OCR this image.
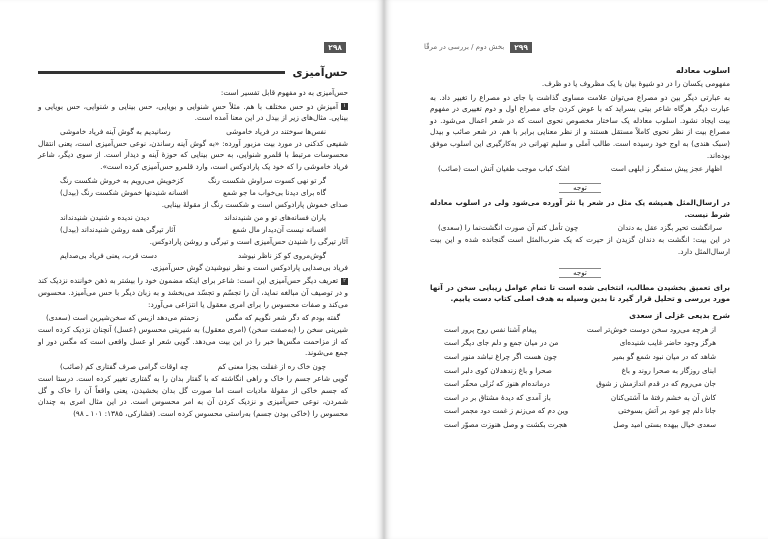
۲۹۸
حس‌آمیزی

حس‌آمیزی به دو مفهوم قابل تفسیر است:

۱آمیزش دو حس مختلف با هم. مثلاً حسِ شنوایی و بویایی، حس بینایی و شنوایی، حس بویایی و بینایی. مثال‌های زیر از بیدل در این معنا آمده است.

نفس‌ها سوختند در فریاد خاموشی
رسانیدیم به گوش آینه فریاد خاموشی

شفیعی کدکنی در مورد بیت مزبور آورده: «به گوش آینه رساندن، نوعی حس‌آمیزی است، یعنی انتقال محسوسات مرتبط با قلمرو شنوایی، به حس بینایی که حوزهٔ آینه و دیدار است. از سوی دیگر، شاعر فریاد خاموشی را که خود یک پارادوکس است، وارد قلمرو حس‌آمیزی کرده است».

گر تو نهی کسوت سراوش شکست رنگ
کزخویش می‌رویم به خروش شکست رنگ
گاه برای دیدنا بی‌خواب ما جو شمع
افسانه شنیدنها خموش شکست رنگ (بیدل)

صدای خموش پارادوکس است و شکست رنگ از مقولهٔ بینایی.

یاران فسانه‌های تو و من شنیدنداند
دیدن ندیده و شنیدن شنیدنداند
افسانه نیست آن‌دیدار مال شمع
آثار تیرگی همه روشن شنیدنداند (بیدل)

آثار تیرگی را شنیدن حس‌آمیزی است و تیرگی و روشن پارادوکس.

گوش‌مروی کو کز ناظر نیوشد
دست قرب، یعنی فریاد بی‌صدایم

فریاد بی‌صدایی پارادوکس است و نظر نیوشیدن گوش حس‌آمیزی.

۲تعریف دیگر حس‌آمیزی این است: شاعر برای اینکه مضمون خود را بیشتر به ذهن خواننده نزدیک کند و در توصیف آن مبالغه نماید، آن را تجسّم و تجسّد می‌بخشد و به زبان دیگر با حس می‌آمیزد. محسوس می‌کند و صفات محسوس را برای امری معقول یا انتزاعی می‌آورد:

گفته بودم که دگر شعر نگویم که مگس
زحمتم می‌دهد ازبس که سخن‌شیرین است (سعدی)

شیرینی سخن را (به‌صفت سخن) (امری معقول) به شیرینی محسوس (عسل) آنچنان نزدیک کرده است که از مزاحمت مگس‌ها خبر را در این بیت می‌دهد. گویی شعر او عسل واقعی است که مگس دور او جمع می‌شوند.

چون خاک ره از غفلت بجزا معنی کم
چه اوقات گرامی صرف گفتاری کم (صائب)

گویی شاعر جسم را خاک و راهی انگاشته که با گفتار بدان را به گفتاری تغییر کرده است. درستا است که جسم خاکی از مقولهٔ مادیات است اما صورت گل بدان بخشیدن، یعنی واقعاً آن را خاک و گل شمردن، نوعی حس‌آمیزی و نزدیک کردن آن به امر محسوس است. در این مثال امری به چندان محسوس را (خاکی بودن جسم) به‌راستی محسوس کرده است. (فشارکی، ۱۳۸۵: ۱۰۱ ـ ۹۸)

۲۹۹
بخش دوم / بررسی در مرقّا
اسلوب معادله

مفهومی یکسان را در دو شیوهٔ بیان با یک مظروف یا دو ظرف.

به عبارتی دیگر بین دو مصراع می‌توان علامت مساوی گذاشت یا جای دو مصراع را تغییر داد. به عبارت دیگر هرگاه شاعر بیتی بسراید که با عوض کردن جای مصراع اول و دوم تغییری در مفهوم بیت ایجاد نشود. اسلوب معادله یک ساختار مخصوص نحوی است که در شعر اعمال می‌شود. دو مصراع بیت از نظر نحوی کاملاً مستقل هستند و از نظر معنایی برابر با هم. در شعر صائب و بیدل (سبک هندی) به اوج خود رسیده است. طالب آملی و سلیم تهرانی در به‌کارگیری این اسلوب موفق بوده‌اند.

اظهار عجز پیش ستمگر ز ابلهی است
اشک کباب موجب طغیان آتش است (صائب)
توجه

در ارسال‌المثل همیشه یک مثل در شعر یا نثر آورده می‌شود ولی در اسلوب معادله شرط نیست.

سرانگشت تحیر بگزد عقل به دندان
چون تأمل کنم آن صورت انگشت‌نما را (سعدی)

در این بیت: انگشت به دندان گزیدن از حیرت که یک ضرب‌المثل است گنجانده شده و این بیت ارسال‌المثل دارد.

توجه

برای تعمیق بخشیدن مطالب، انتخابی شده است تا تمام عوامل زیبایی سخن در آنها مورد بررسی و تحلیل قرار گیرد تا بدین وسیله به هدف اصلی کتاب دست یابیم.

شرح بدیعی غزلی از سعدی
از هرچه می‌رود سخن دوست خوش‌تر است
پیغام آشنا نفس روح پرور است
هرگز وجود حاضر غایب شنیده‌ای
من در میان جمع و دلم جای دیگر است
شاهد که در میان نبود شمع گو بمیر
چون هست اگر چراغ نباشد منور است
ابنای روزگار به صحرا روند و باغ
صحرا و باغ زندهدلان کوی دلبر است
جان می‌روم که در قدم اندازمش ز شوق
درمانده‌ام هنوز که نُزلی محقّر است
کاش آن به خشم رفتهٔ ما آشتی‌کنان
باز آمدی که دیدهٔ مشتاق بر در است
جانا دلم چو عود بر آتش بسوختی
وین دم که می‌زنم ز غمت دود مجمر است
سعدی خیال بیهده بستی امید وصل
هجرت بکشت و وصل هنوزت مصوّر است
